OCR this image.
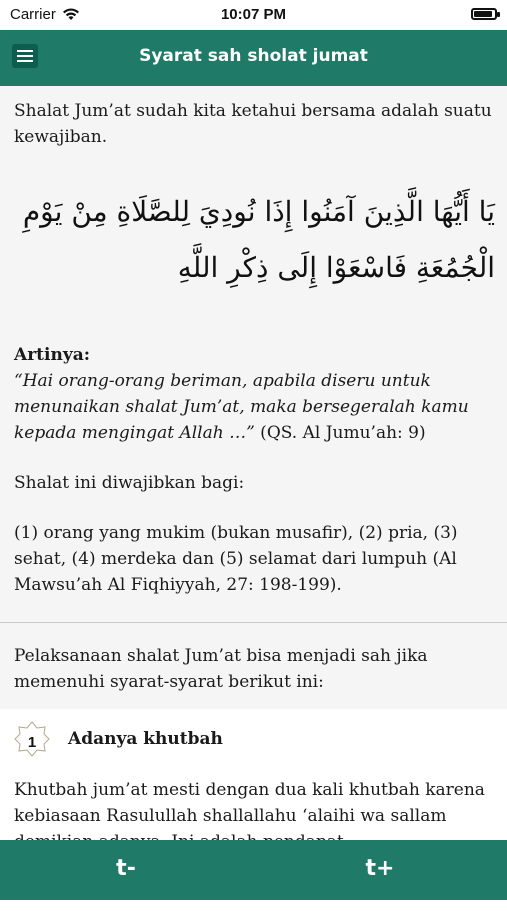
Carrier	10:07 PM
Syarat sah sholat jumat

Shalat Jum’at sudah kita ketahui bersama adalah suatu kewajiban.

يَا أَيُّهَا الَّذِينَ آمَنُوا إِذَا نُودِيَ لِلصَّلَاةِ مِنْ يَوْمِ الْجُمُعَةِ فَاسْعَوْا إِلَى ذِكْرِ اللَّهِ

Artinya:

“Hai orang-orang beriman, apabila diseru untuk menunaikan shalat Jum’at, maka bersegeralah kamu kepada mengingat Allah …” (QS. Al Jumu’ah: 9)

Shalat ini diwajibkan bagi:

(1) orang yang mukim (bukan musafir), (2) pria, (3) sehat, (4) merdeka dan (5) selamat dari lumpuh (Al Mawsu’ah Al Fiqhiyyah, 27: 198-199).

Pelaksanaan shalat Jum’at bisa menjadi sah jika memenuhi syarat-syarat berikut ini:

1	Adanya khutbah

Khutbah jum’at mesti dengan dua kali khutbah karena kebiasaan Rasulullah shallallahu ‘alaihi wa sallam

t-	t+
